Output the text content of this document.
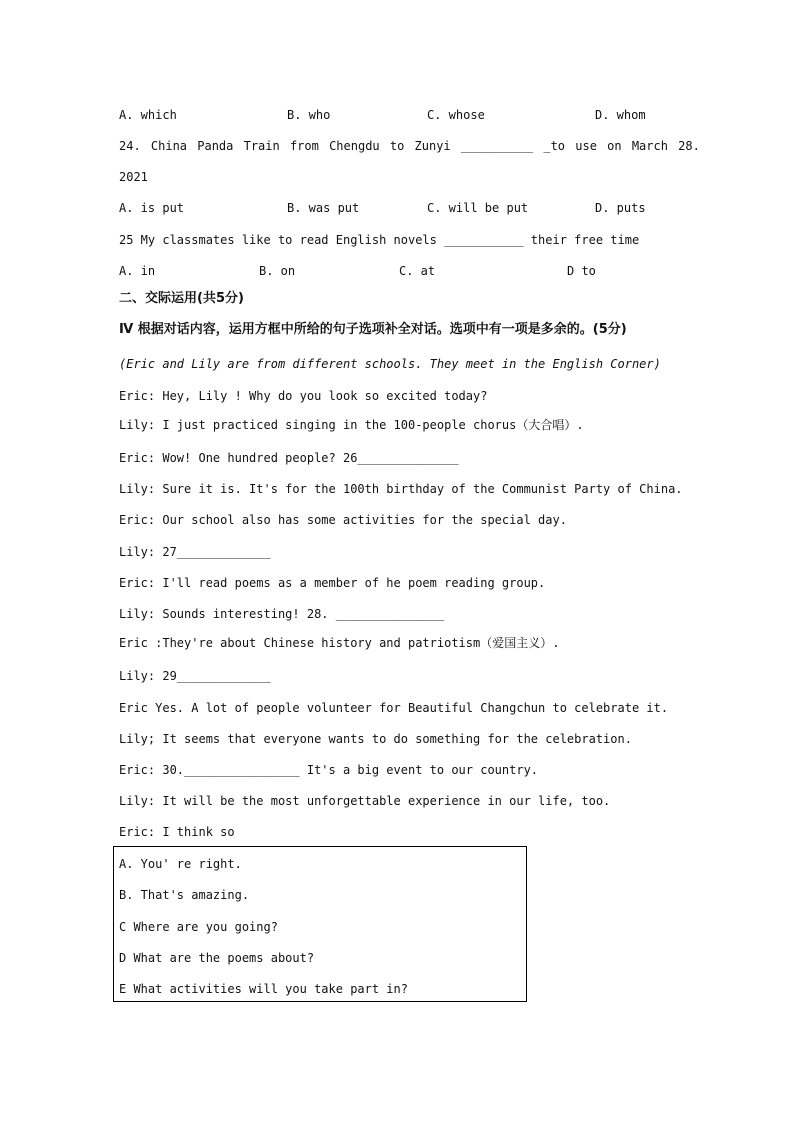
A. which	B. who	C. whose	D. whom
24. China Panda Train from Chengdu to Zunyi __________ _to use on March 28.
2021
A. is put	B. was put	C. will be put	D. puts
25 My classmates like to read English novels ___________ their free time
A. in	B. on	C. at	D to
二、交际运用(共5分)
Ⅳ 根据对话内容，运用方框中所给的句子选项补全对话。选项中有一项是多余的。(5分)
(Eric and Lily are from different schools. They meet in the English Corner)
Eric: Hey, Lily ! Why do you look so excited today?
Lily: I just practiced singing in the 100-people chorus（大合唱）.
Eric: Wow! One hundred people? 26______________
Lily: Sure it is. It's for the 100th birthday of the Communist Party of China.
Eric: Our school also has some activities for the special day.
Lily: 27_____________
Eric: I'll read poems as a member of he poem reading group.
Lily: Sounds interesting! 28. _______________
Eric :They're about Chinese history and patriotism（爱国主义）.
Lily: 29_____________
Eric Yes. A lot of people volunteer for Beautiful Changchun to celebrate it.
Lily; It seems that everyone wants to do something for the celebration.
Eric: 30.________________ It's a big event to our country.
Lily: It will be the most unforgettable experience in our life, too.
Eric: I think so
A. You' re right.
B. That's amazing.
C Where are you going?
D What are the poems about?
E What activities will you take part in?
